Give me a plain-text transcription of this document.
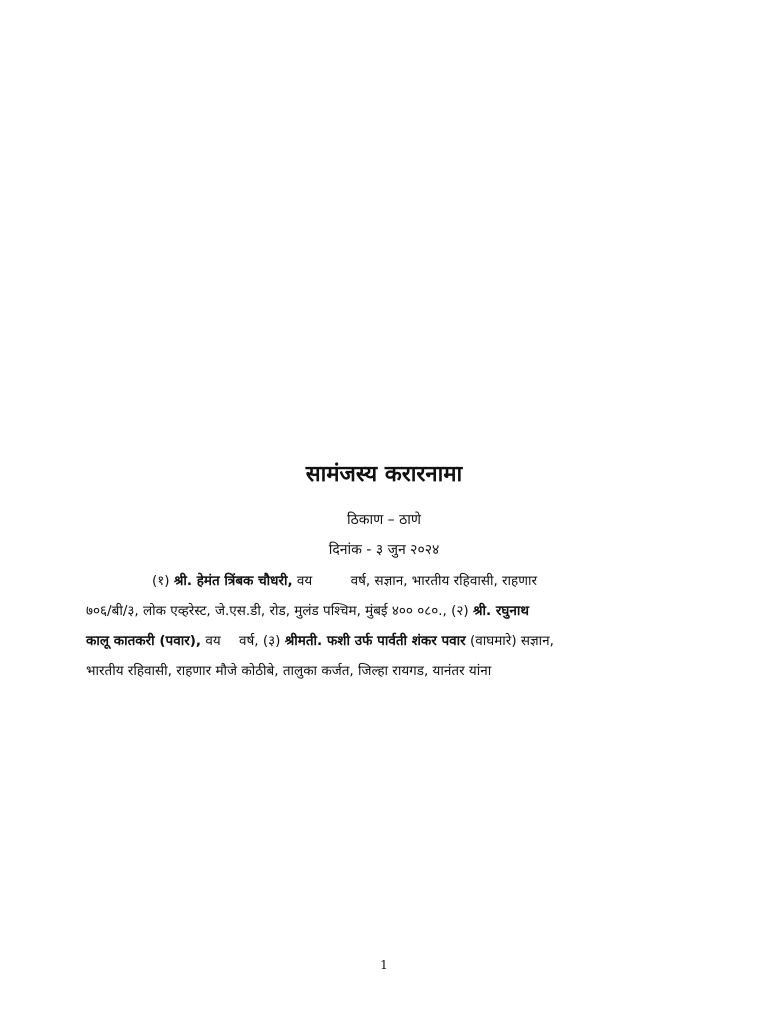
सामंजस्य करारनामा
ठिकाण – ठाणे
दिनांक - ३ जुन २०२४
(१) श्री. हेमंत त्रिंबक चौधरी, वय	वर्ष, सज्ञान, भारतीय रहिवासी, राहणार
७०६/बी/३, लोक एव्हरेस्ट, जे.एस.डी, रोड, मुलंड पश्चिम, मुंबई ४०० ०८०., (२) श्री. रघुनाथ
कालू कातकरी (पवार), वय वर्ष, (३) श्रीमती. फशी उर्फ पार्वती शंकर पवार (वाघमारे) सज्ञान,
भारतीय रहिवासी, राहणार मौजे कोठीबे, तालुका कर्जत, जिल्हा रायगड, यानंतर यांना
1
